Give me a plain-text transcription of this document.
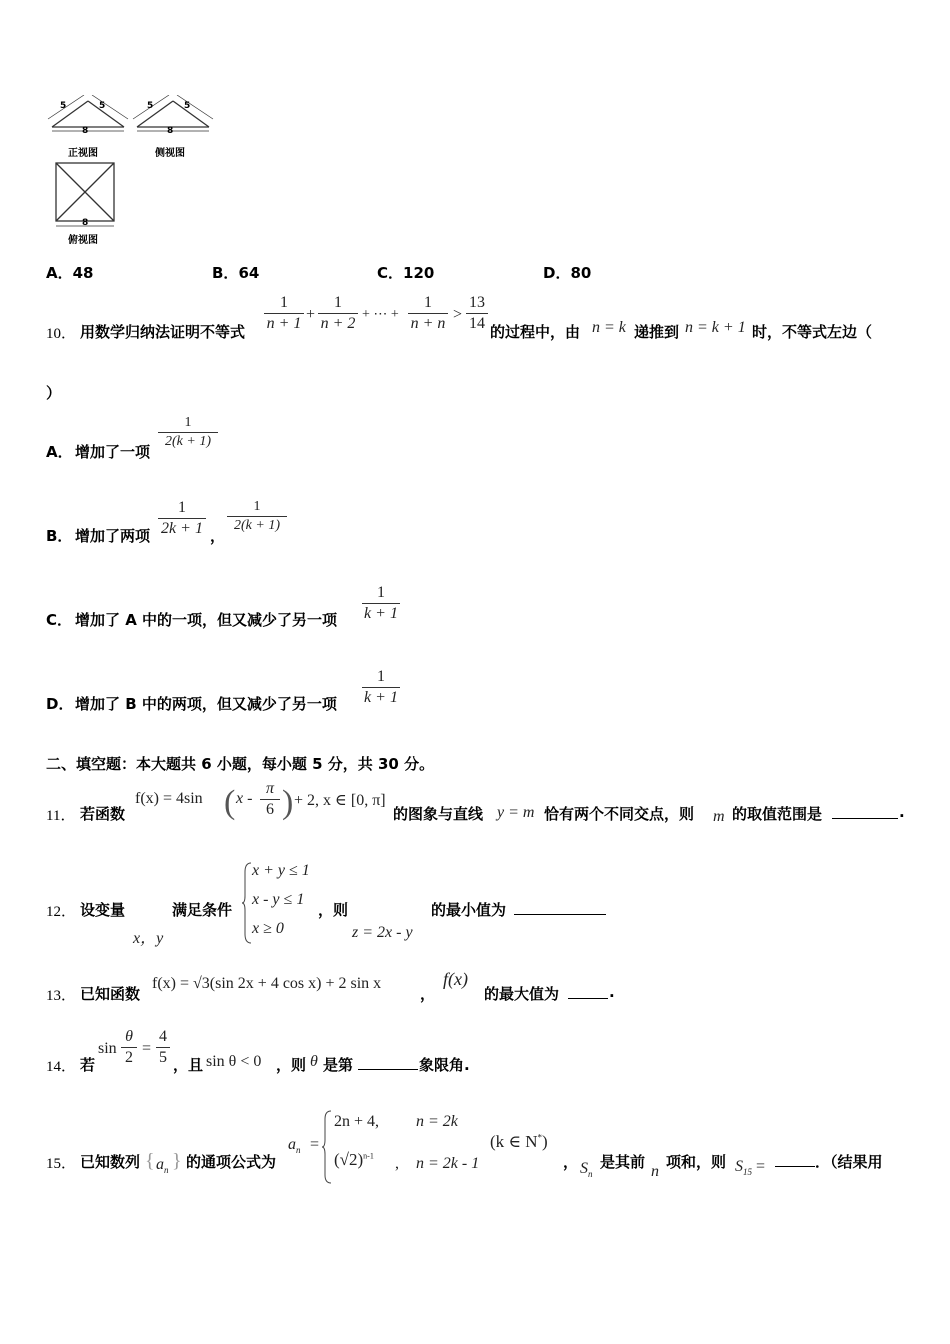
5	5
8
5	5
8
正视图	侧视图
8
俯视图
A．48	B．64	C．120	D．80
10． 用数学归纳法证明不等式 $\frac{1}{n + 1} + \frac{1}{n + 2}$ + ⋯ + $\frac{1}{n + n} > \frac{13}{14}$ 的过程中，由 n = k 递推到 n = k + 1 时，不等式左边（
）
A． 增加了一项
$\frac{1}{2(k + 1)}$
B． 增加了两项 $\frac{1}{2k + 1}$ ，
$\frac{1}{2(k + 1)}$
C． 增加了 A 中的一项，但又减少了另一项 $\frac{1}{k + 1}$
D． 增加了 B 中的两项，但又减少了另一项 $\frac{1}{k + 1}$
二、填空题：本大题共 6 小题，每小题 5 分，共 30 分。
11． 若函数
f(x) = 4sin ( x - $\frac{\pi}{6}$ ) + 2, x ∈ [0, π]
的图象与直线 y = m 恰有两个不同交点，则 m 的取值范围是	.
12． 设变量
x，y
满足条件
x + y ≤ 1
x - y ≤ 1
x ≥ 0
，则
z = 2x - y
的最小值为
13． 已知函数
f(x) = √3(sin 2x + 4 cos x) + 2 sin x
，
f(x)
的最大值为	.
14． 若
$\sin \frac{\theta}{2} = \frac{4}{5}$ ，且 sin θ < 0 ，则 θ 是第	象限角.
15． 已知数列 { $a_n$ } 的通项公式为
$a_n$ =
2n + 4, n = 2k
$(√2)^{n-1}$ , n = 2k - 1
(k ∈ N*)
， $S_n$
是其前
n
项和，则 $S_{15}$ =	．（结果用
